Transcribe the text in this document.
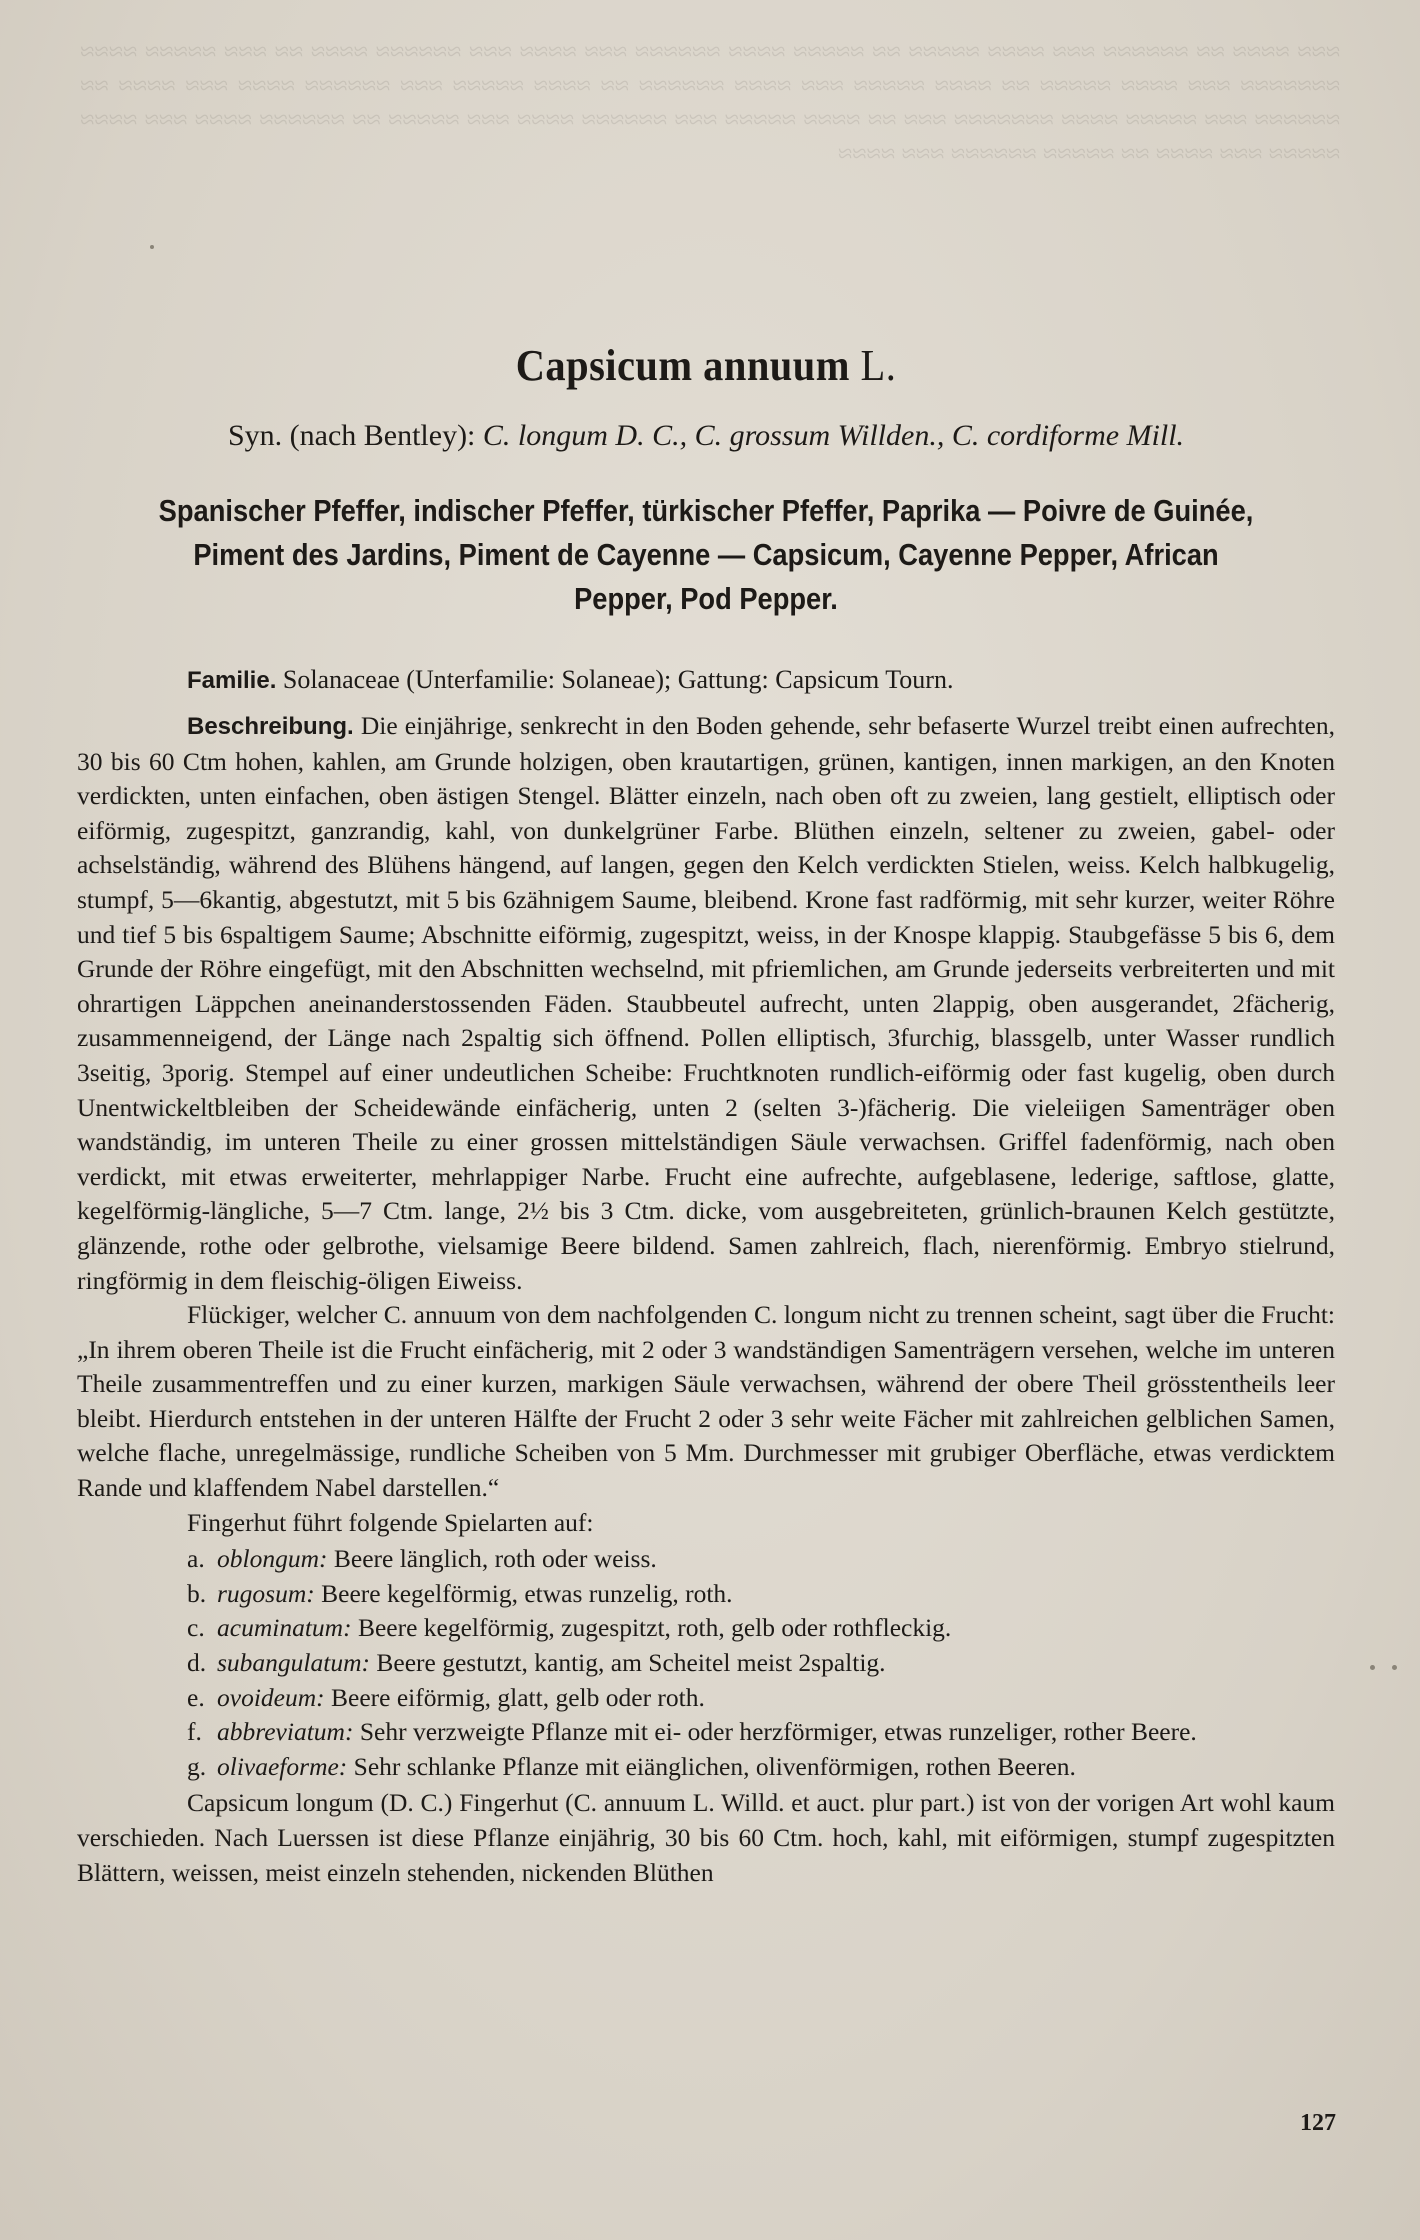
≈≈≈ ≈≈≈≈ ≈≈ ≈≈≈≈≈≈ ≈≈≈ ≈≈≈≈ ≈≈≈≈≈ ≈≈ ≈≈≈≈≈ ≈≈≈≈ ≈≈≈≈≈≈ ≈≈≈ ≈≈≈≈ ≈≈≈ ≈≈≈≈≈≈ ≈≈≈≈ ≈≈ ≈≈≈ ≈≈≈≈≈ ≈≈≈≈ ≈≈≈≈≈≈≈ ≈≈≈ ≈≈≈≈ ≈≈≈≈≈ ≈≈ ≈≈≈≈ ≈≈≈≈≈ ≈≈≈ ≈≈≈≈ ≈≈≈≈≈≈ ≈≈ ≈≈≈≈ ≈≈≈≈≈ ≈≈≈ ≈≈≈≈≈≈ ≈≈≈≈ ≈≈≈ ≈≈≈≈ ≈≈ ≈≈≈≈≈≈ ≈≈≈ ≈≈≈≈≈ ≈≈≈≈ ≈≈≈≈≈≈≈ ≈≈≈ ≈≈ ≈≈≈≈ ≈≈≈≈≈ ≈≈≈ ≈≈≈≈≈≈ ≈≈≈≈ ≈≈≈ ≈≈≈≈≈ ≈≈ ≈≈≈≈≈≈ ≈≈≈≈ ≈≈≈ ≈≈≈≈ ≈≈≈≈≈ ≈≈≈ ≈≈≈≈ ≈≈ ≈≈≈≈≈ ≈≈≈≈≈≈ ≈≈≈ ≈≈≈≈
Capsicum annuum L.
Syn. (nach Bentley): C. longum D. C., C. grossum Willden., C. cordiforme Mill.
Spanischer Pfeffer, indischer Pfeffer, türkischer Pfeffer, Paprika — Poivre de Guinée, Piment des Jardins, Piment de Cayenne — Capsicum, Cayenne Pepper, African Pepper, Pod Pepper.
Familie. Solanaceae (Unterfamilie: Solaneae); Gattung: Capsicum Tourn.

Beschreibung. Die einjährige, senkrecht in den Boden gehende, sehr befaserte Wurzel treibt einen aufrechten, 30 bis 60 Ctm hohen, kahlen, am Grunde holzigen, oben krautartigen, grünen, kantigen, innen markigen, an den Knoten verdickten, unten einfachen, oben ästigen Stengel. Blätter einzeln, nach oben oft zu zweien, lang gestielt, elliptisch oder eiförmig, zugespitzt, ganzrandig, kahl, von dunkelgrüner Farbe. Blüthen einzeln, seltener zu zweien, gabel- oder achselständig, während des Blühens hängend, auf langen, gegen den Kelch verdickten Stielen, weiss. Kelch halbkugelig, stumpf, 5—6kantig, abgestutzt, mit 5 bis 6zähnigem Saume, bleibend. Krone fast radförmig, mit sehr kurzer, weiter Röhre und tief 5 bis 6spaltigem Saume; Abschnitte eiförmig, zugespitzt, weiss, in der Knospe klappig. Staubgefässe 5 bis 6, dem Grunde der Röhre eingefügt, mit den Abschnitten wechselnd, mit pfriemlichen, am Grunde jederseits verbreiterten und mit ohrartigen Läppchen aneinanderstossenden Fäden. Staubbeutel aufrecht, unten 2lappig, oben ausgerandet, 2fächerig, zusammenneigend, der Länge nach 2spaltig sich öffnend. Pollen elliptisch, 3furchig, blassgelb, unter Wasser rundlich 3seitig, 3porig. Stempel auf einer undeutlichen Scheibe: Fruchtknoten rundlich-eiförmig oder fast kugelig, oben durch Unentwickeltbleiben der Scheidewände einfächerig, unten 2 (selten 3-)fächerig. Die vieleiigen Samenträger oben wandständig, im unteren Theile zu einer grossen mittelständigen Säule verwachsen. Griffel fadenförmig, nach oben verdickt, mit etwas erweiterter, mehrlappiger Narbe. Frucht eine aufrechte, aufgeblasene, lederige, saftlose, glatte, kegelförmig-längliche, 5—7 Ctm. lange, 2½ bis 3 Ctm. dicke, vom ausgebreiteten, grünlich-braunen Kelch gestützte, glänzende, rothe oder gelbrothe, vielsamige Beere bildend. Samen zahlreich, flach, nierenförmig. Embryo stielrund, ringförmig in dem fleischig-öligen Eiweiss.

Flückiger, welcher C. annuum von dem nachfolgenden C. longum nicht zu trennen scheint, sagt über die Frucht: „In ihrem oberen Theile ist die Frucht einfächerig, mit 2 oder 3 wandständigen Samenträgern versehen, welche im unteren Theile zusammentreffen und zu einer kurzen, markigen Säule verwachsen, während der obere Theil grösstentheils leer bleibt. Hierdurch entstehen in der unteren Hälfte der Frucht 2 oder 3 sehr weite Fächer mit zahlreichen gelblichen Samen, welche flache, unregelmässige, rundliche Scheiben von 5 Mm. Durchmesser mit grubiger Oberfläche, etwas verdicktem Rande und klaffendem Nabel darstellen.“

Fingerhut führt folgende Spielarten auf:

a. oblongum: Beere länglich, roth oder weiss.
b. rugosum: Beere kegelförmig, etwas runzelig, roth.
c. acuminatum: Beere kegelförmig, zugespitzt, roth, gelb oder rothfleckig.
d. subangulatum: Beere gestutzt, kantig, am Scheitel meist 2spaltig.
e. ovoideum: Beere eiförmig, glatt, gelb oder roth.
f. abbreviatum: Sehr verzweigte Pflanze mit ei- oder herzförmiger, etwas runzeliger, rother Beere.
g. olivaeforme: Sehr schlanke Pflanze mit eiänglichen, olivenförmigen, rothen Beeren.

Capsicum longum (D. C.) Fingerhut (C. annuum L. Willd. et auct. plur part.) ist von der vorigen Art wohl kaum verschieden. Nach Luerssen ist diese Pflanze einjährig, 30 bis 60 Ctm. hoch, kahl, mit eiförmigen, stumpf zugespitzten Blättern, weissen, meist einzeln stehenden, nickenden Blüthen

127
